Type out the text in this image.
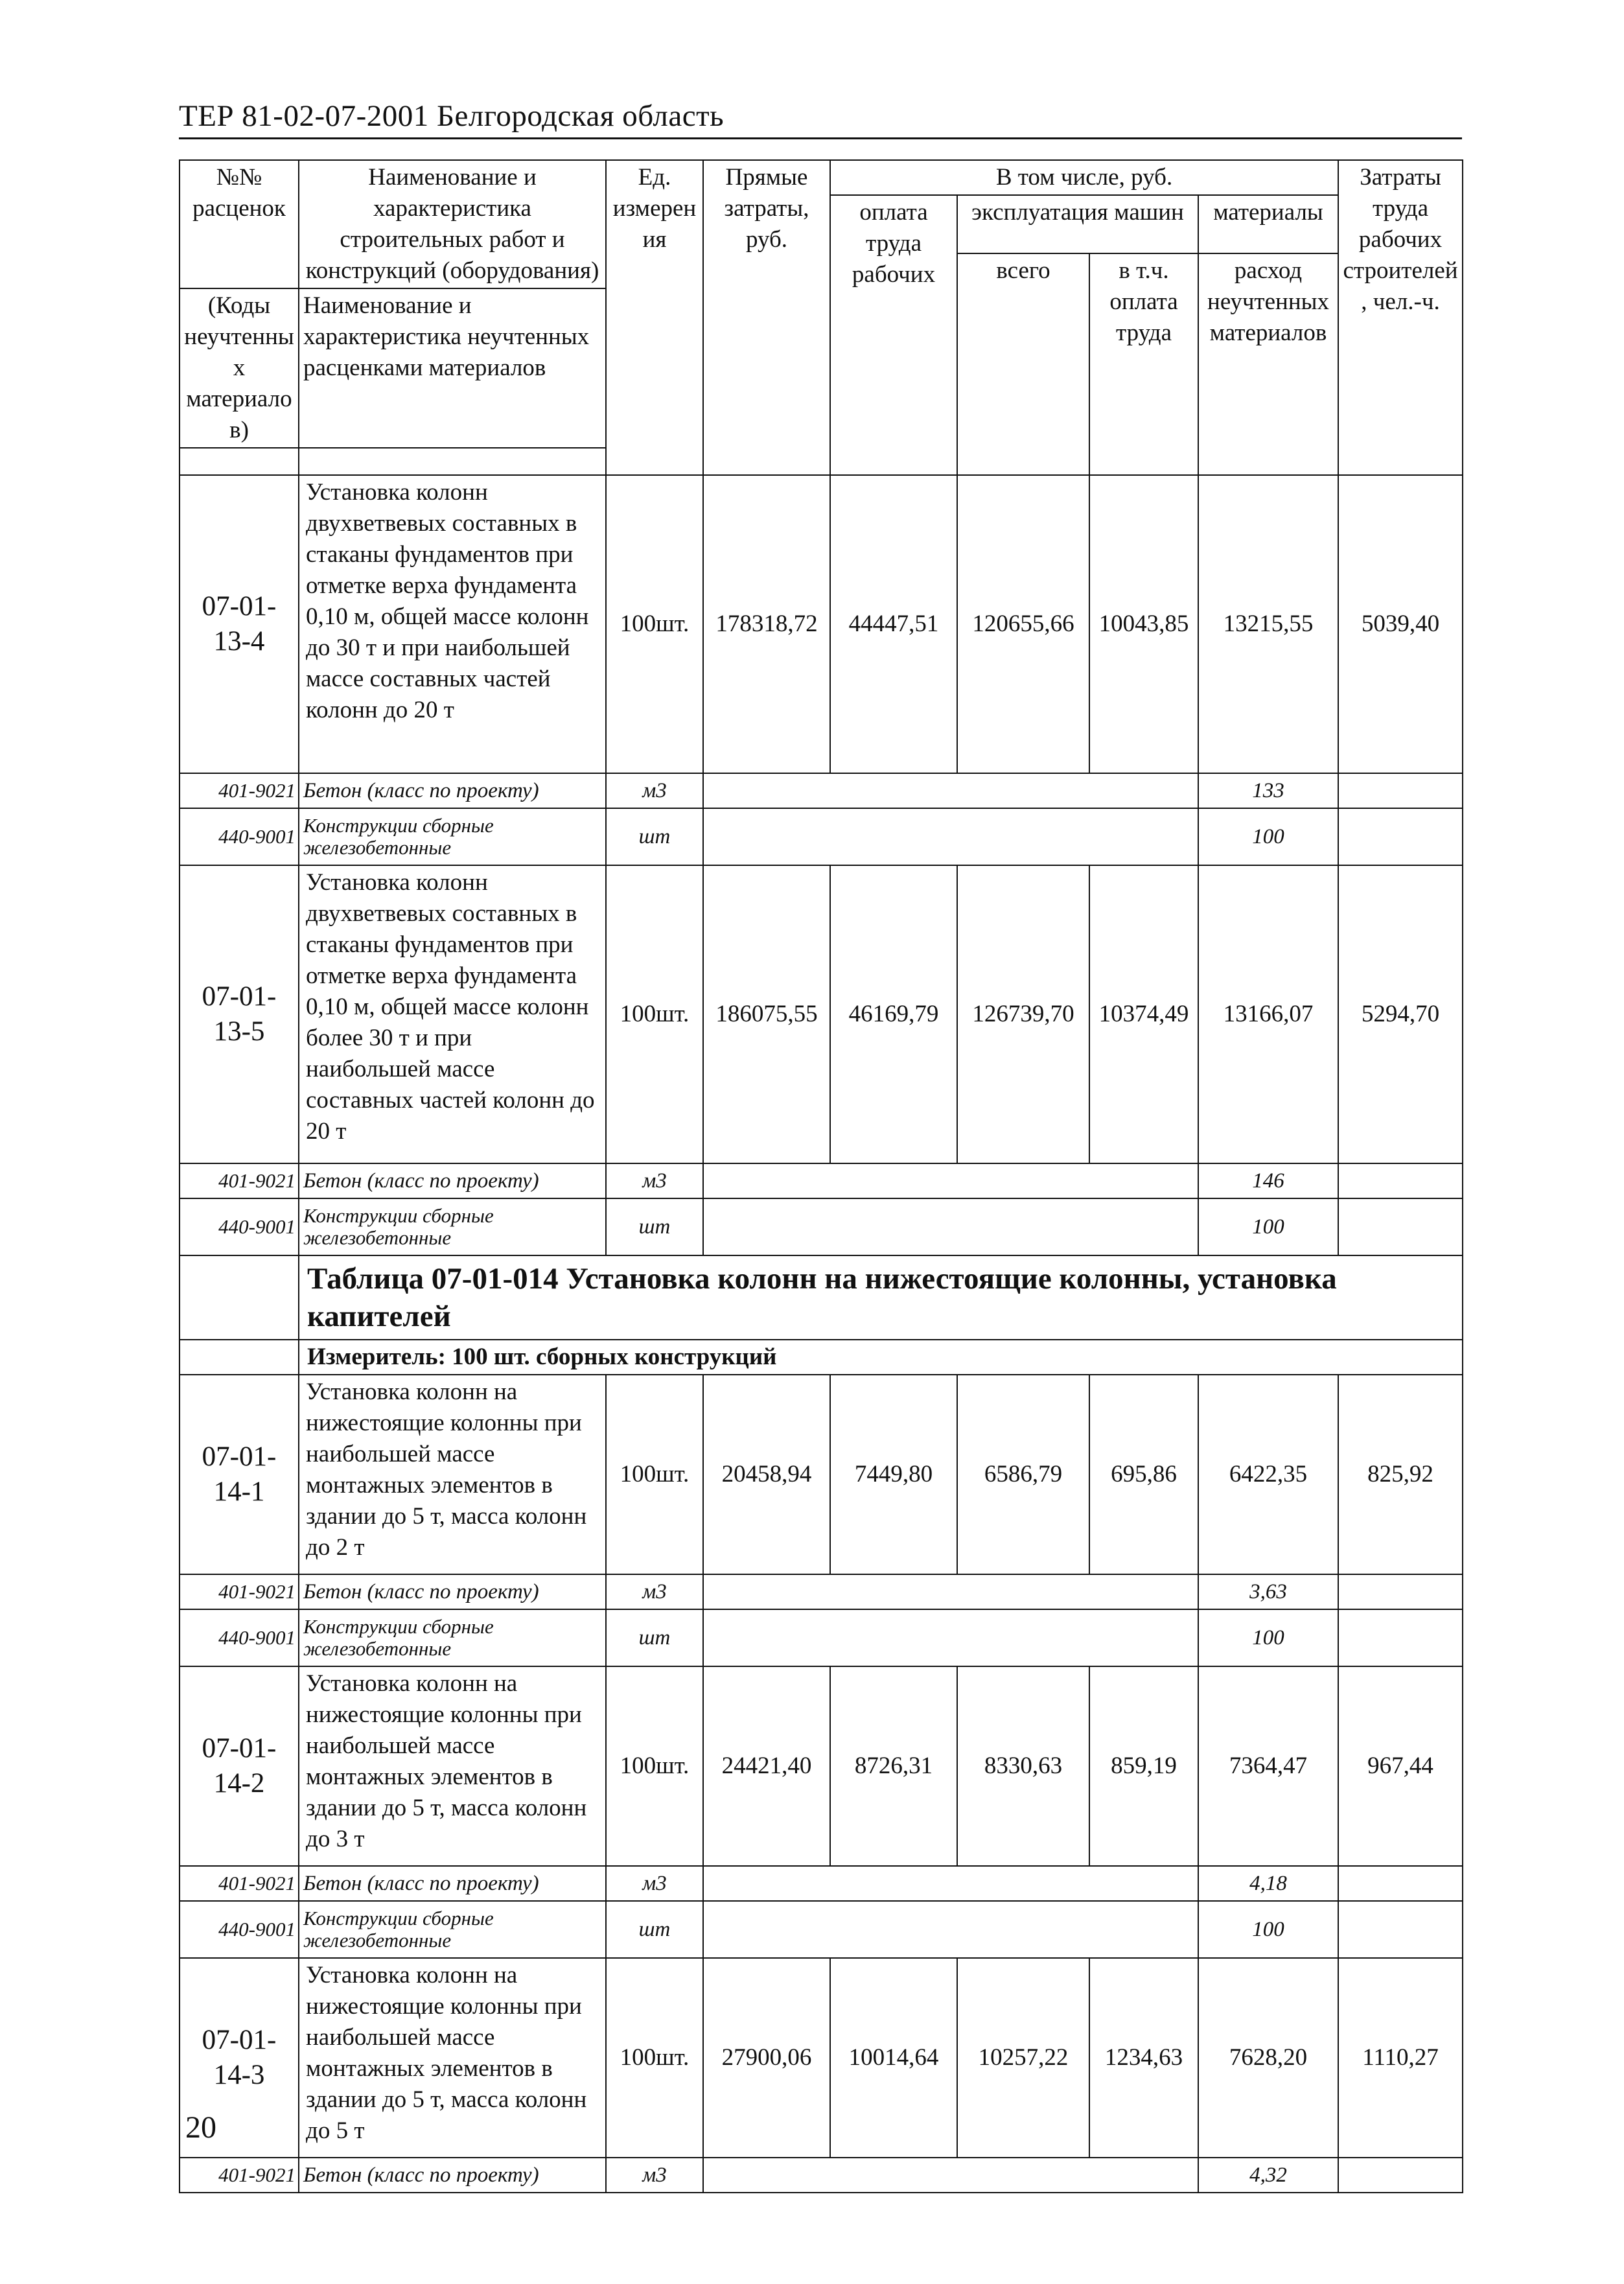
ТЕР 81-02-07-2001 Белгородская область
№№ расценок	Наименование и характеристика строительных работ и конструкций (оборудования)	Ед. измерения	Прямые затраты, руб.	В том числе, руб.				Затраты труда рабочих строителей, чел.-ч.
				оплата труда рабочих	эксплуатация машин		материалы	
					всего	в т.ч. оплата труда	расход неучтенных материалов	
(Коды неучтенных материалов)	Наименование и характеристика неучтенных расценками материалов							

07-01-13-4	Установка колонн двухветвевых составных в стаканы фундаментов при отметке верха фундамента 0,10 м, общей массе колонн до 30 т и при наибольшей массе составных частей колонн до 20 т	100шт.	178318,72	44447,51	120655,66	10043,85	13215,55	5039,40
401-9021	Бетон (класс по проекту)	м3					133	
440-9001	Конструкции сборные железобетонные	шт					100	
07-01-13-5	Установка колонн двухветвевых составных в стаканы фундаментов при отметке верха фундамента 0,10 м, общей массе колонн более 30 т и при наибольшей массе составных частей колонн до 20 т	100шт.	186075,55	46169,79	126739,70	10374,49	13166,07	5294,70
401-9021	Бетон (класс по проекту)	м3					146	
440-9001	Конструкции сборные железобетонные	шт					100	
	Таблица 07-01-014 Установка колонн на нижестоящие колонны, установка капителей							
	Измеритель: 100 шт. сборных конструкций							
07-01-14-1	Установка колонн на нижестоящие колонны при наибольшей массе монтажных элементов в здании до 5 т, масса колонн до 2 т	100шт.	20458,94	7449,80	6586,79	695,86	6422,35	825,92
401-9021	Бетон (класс по проекту)	м3					3,63	
440-9001	Конструкции сборные железобетонные	шт					100	
07-01-14-2	Установка колонн на нижестоящие колонны при наибольшей массе монтажных элементов в здании до 5 т, масса колонн до 3 т	100шт.	24421,40	8726,31	8330,63	859,19	7364,47	967,44
401-9021	Бетон (класс по проекту)	м3					4,18	
440-9001	Конструкции сборные железобетонные	шт					100	
07-01-14-3	Установка колонн на нижестоящие колонны при наибольшей массе монтажных элементов в здании до 5 т, масса колонн до 5 т	100шт.	27900,06	10014,64	10257,22	1234,63	7628,20	1110,27
401-9021	Бетон (класс по проекту)	м3					4,32	
20
